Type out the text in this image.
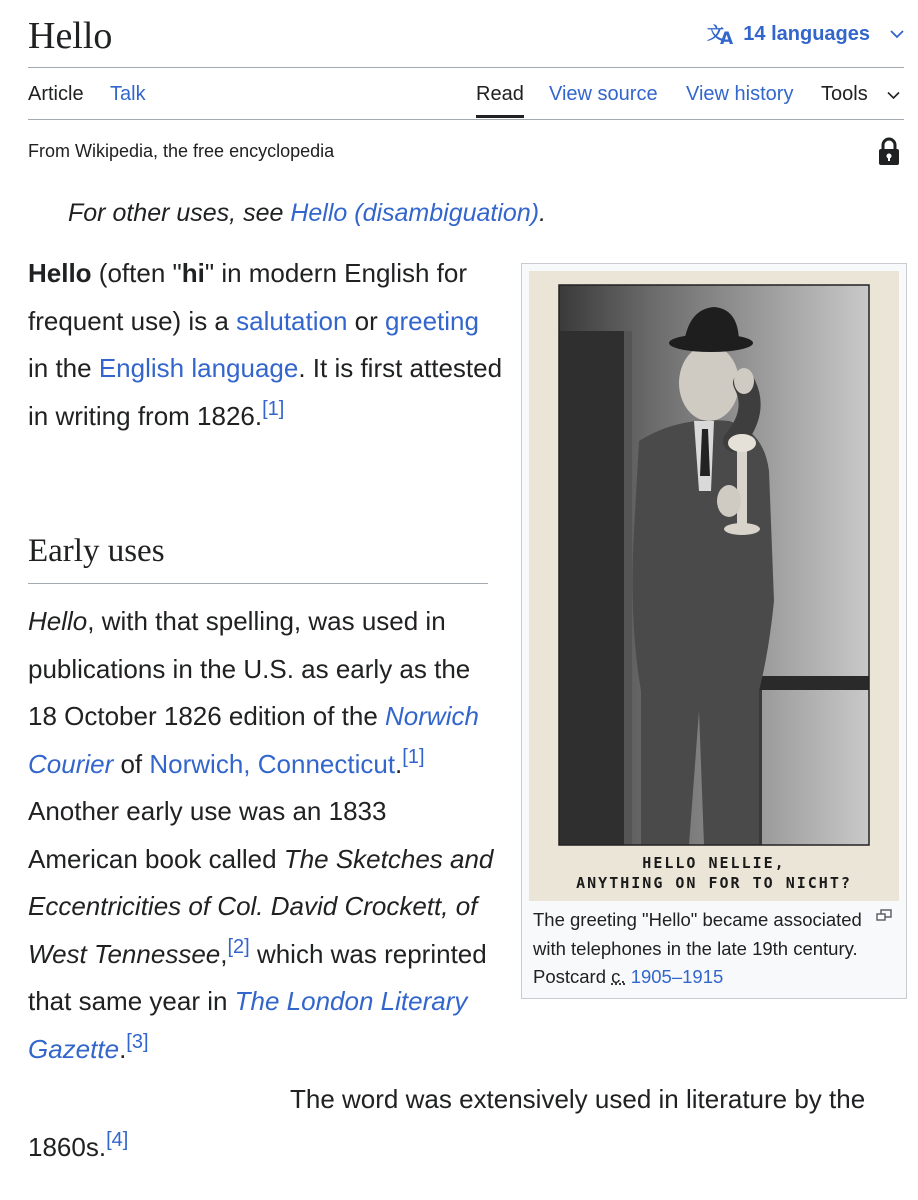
Hello	文
A 14 languages
Article Talk	Read View source View history Tools
From Wikipedia, the free encyclopedia
For other uses, see Hello (disambiguation).

Hello (often "hi" in modern English for frequent use) is a salutation or greeting in the English language. It is first attested in writing from 1826.[1]

Early uses

Hello, with that spelling, was used in publications in the U.S. as early as the 18 October 1826 edition of the Norwich Courier of Norwich, Connecticut.[1] Another early use was an 1833 American book called The Sketches and Eccentricities of Col. David Crockett, of West Tennessee,[2] which was reprinted that same year in The London Literary Gazette.[3]

The word was extensively used in literature by the 1860s.[4]

HELLO NELLIE,
ANYTHING ON FOR TO NICHT?
The greeting "Hello" became associated with telephones in the late 19th century. Postcard c. 1905–1915
